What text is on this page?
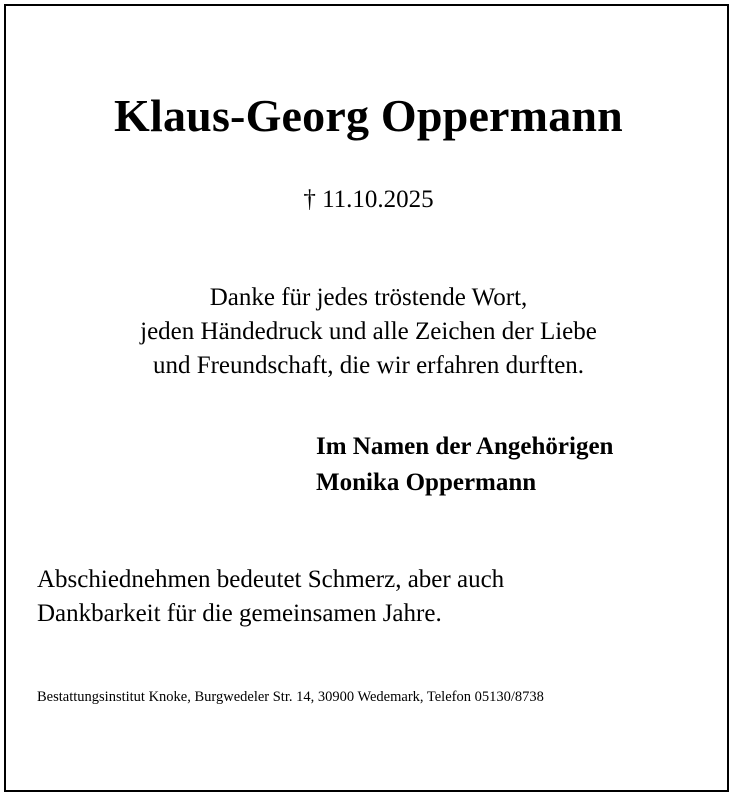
Klaus-Georg Oppermann
† 11.10.2025
Danke für jedes tröstende Wort,
jeden Händedruck und alle Zeichen der Liebe
und Freundschaft, die wir erfahren durften.
Im Namen der Angehörigen
Monika Oppermann
Abschiednehmen bedeutet Schmerz, aber auch
Dankbarkeit für die gemeinsamen Jahre.
Bestattungsinstitut Knoke, Burgwedeler Str. 14, 30900 Wedemark, Telefon 05130/8738
